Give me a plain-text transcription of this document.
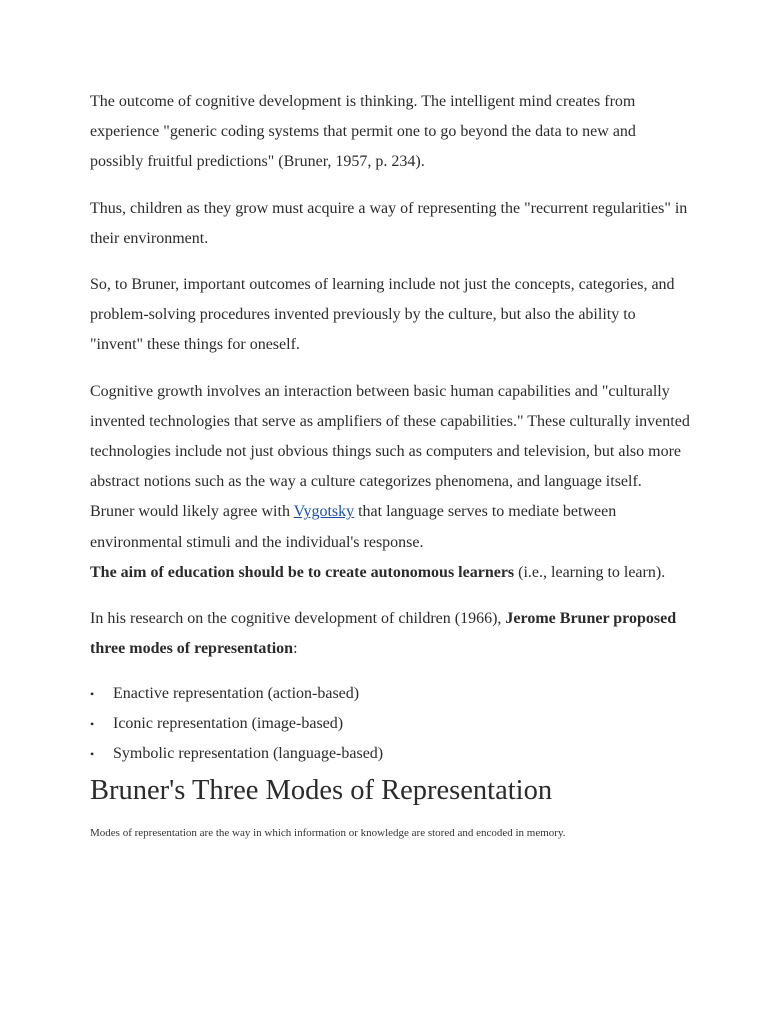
The outcome of cognitive development is thinking. The intelligent mind creates from experience "generic coding systems that permit one to go beyond the data to new and possibly fruitful predictions" (Bruner, 1957, p. 234).

Thus, children as they grow must acquire a way of representing the "recurrent regularities" in their environment.

So, to Bruner, important outcomes of learning include not just the concepts, categories, and problem-solving procedures invented previously by the culture, but also the ability to "invent" these things for oneself.

Cognitive growth involves an interaction between basic human capabilities and "culturally invented technologies that serve as amplifiers of these capabilities." These culturally invented technologies include not just obvious things such as computers and television, but also more abstract notions such as the way a culture categorizes phenomena, and language itself. Bruner would likely agree with Vygotsky that language serves to mediate between environmental stimuli and the individual's response.

The aim of education should be to create autonomous learners (i.e., learning to learn).

In his research on the cognitive development of children (1966), Jerome Bruner proposed three modes of representation:

• Enactive representation (action-based)
• Iconic representation (image-based)
• Symbolic representation (language-based)
Bruner's Three Modes of Representation
Modes of representation are the way in which information or knowledge are stored and encoded in memory.
